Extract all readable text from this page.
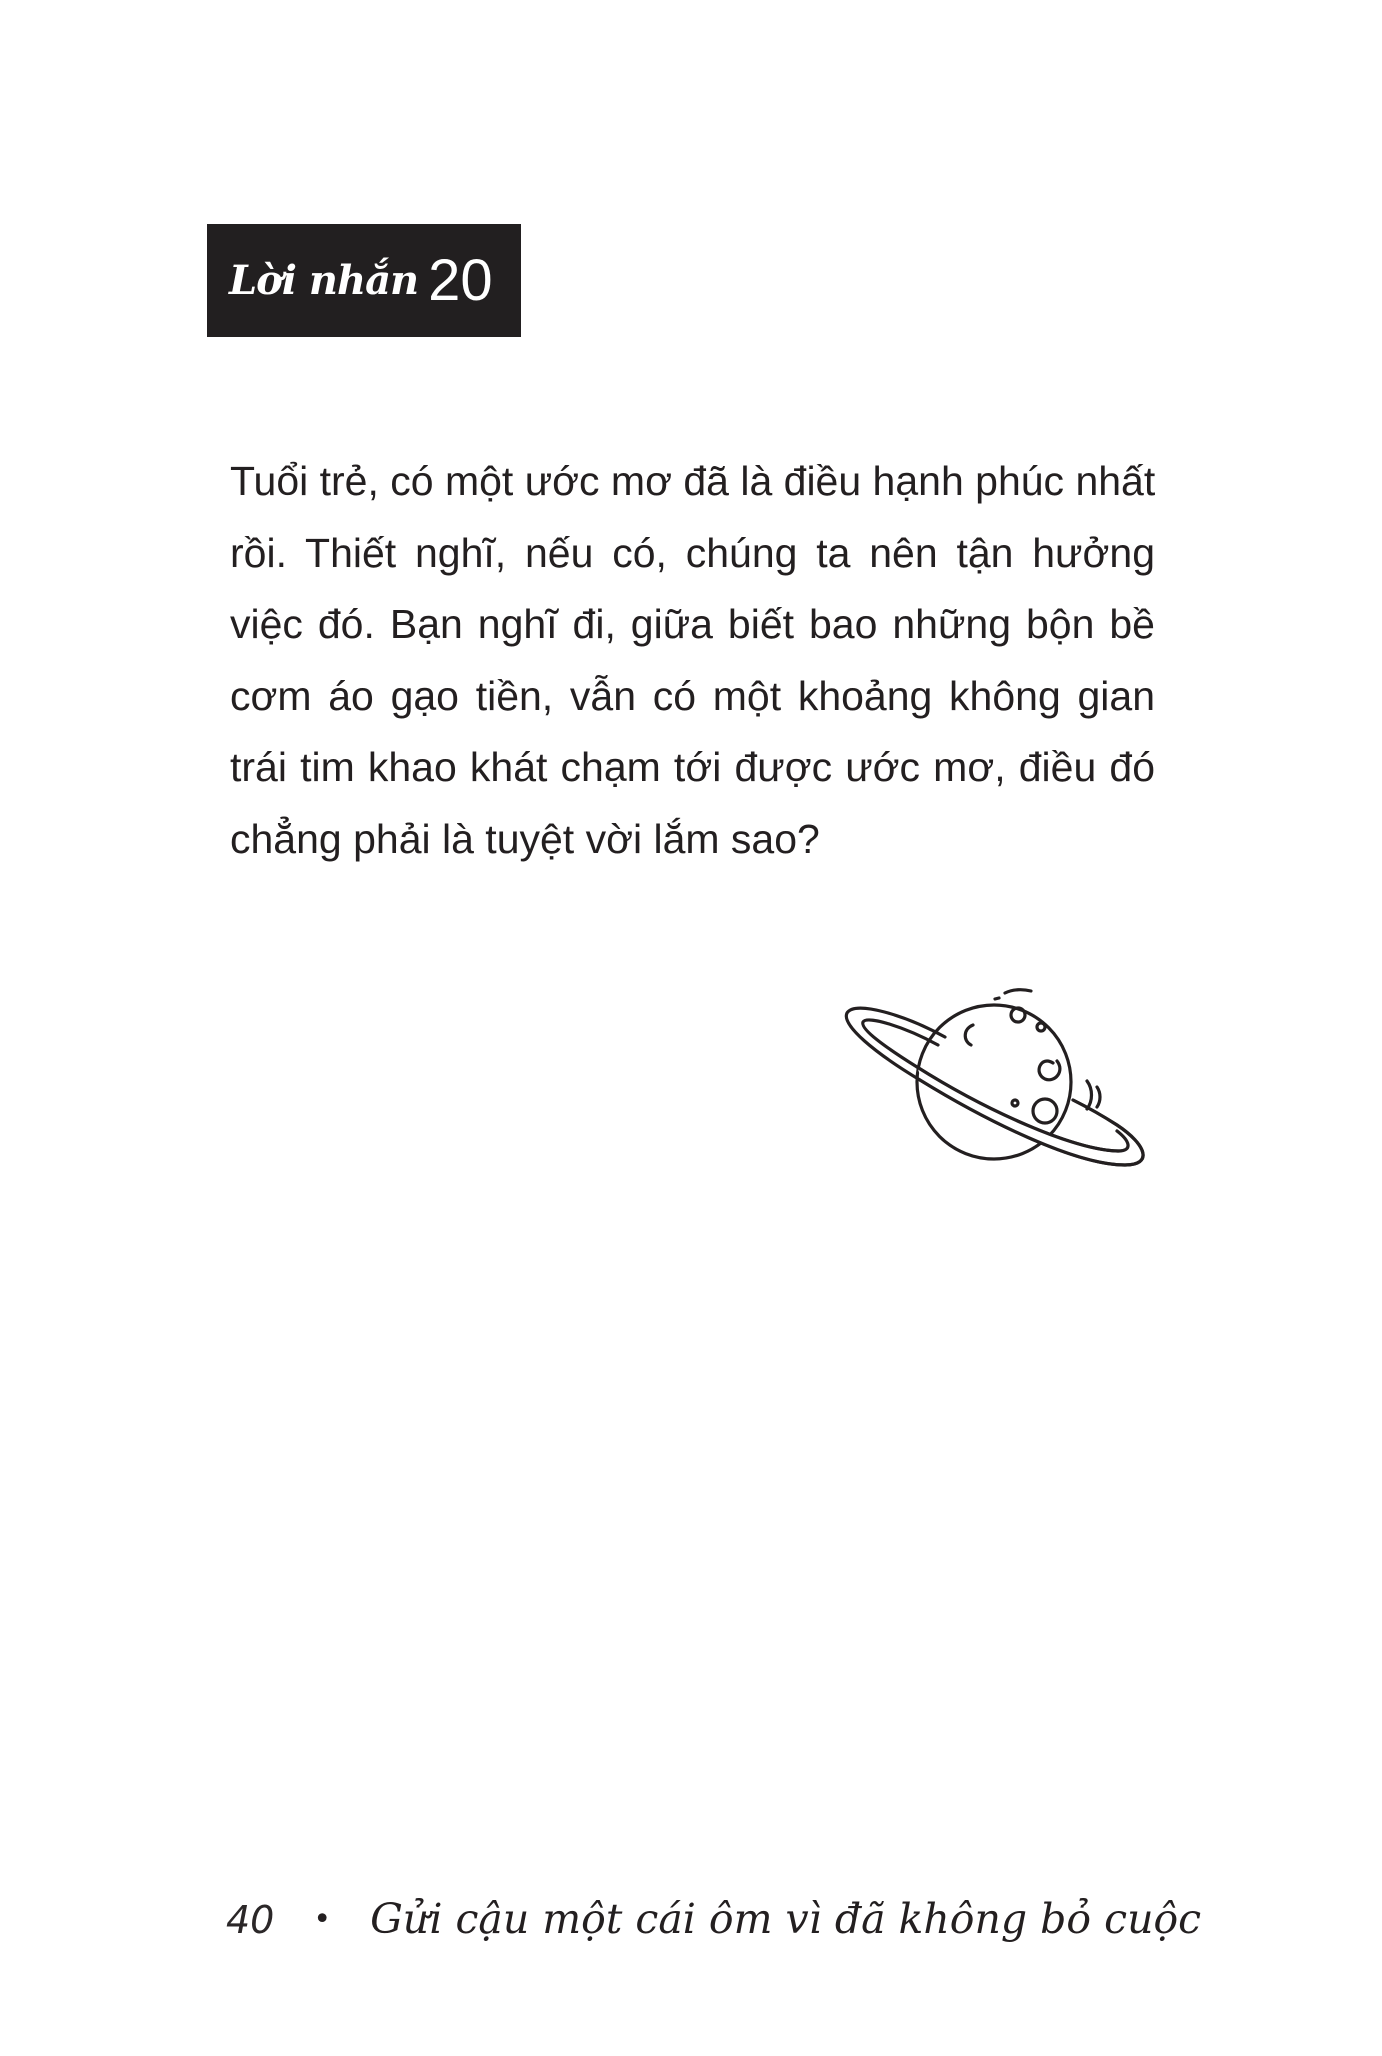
Lời nhắn 20
Tuổi trẻ, có một ước mơ đã là điều hạnh phúc nhất
rồi. Thiết nghĩ, nếu có, chúng ta nên tận hưởng
việc đó. Bạn nghĩ đi, giữa biết bao những bộn bề
cơm áo gạo tiền, vẫn có một khoảng không gian
trái tim khao khát chạm tới được ước mơ, điều đó
chẳng phải là tuyệt vời lắm sao?
40 • Gửi cậu một cái ôm vì đã không bỏ cuộc
